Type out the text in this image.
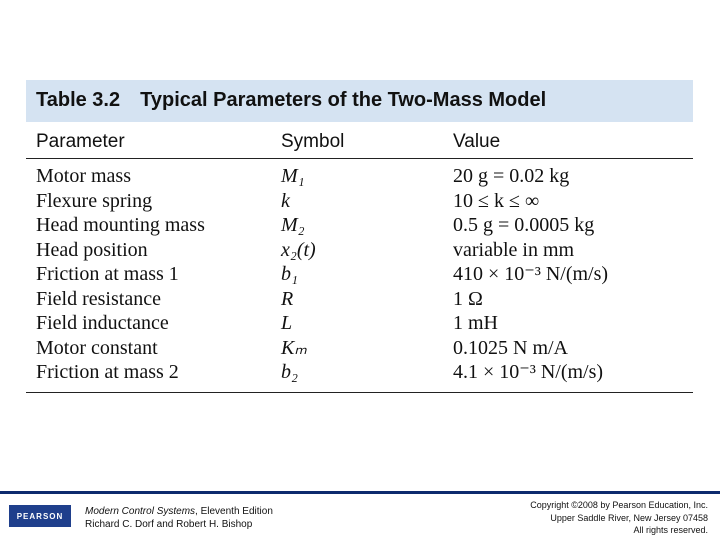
Table 3.2 Typical Parameters of the Two-Mass Model
Parameter	Symbol	Value
Motor mass	M₁	20 g = 0.02 kg
Flexure spring	k	10 ≤ k ≤ ∞
Head mounting mass	M₂	0.5 g = 0.0005 kg
Head position	x₂(t)	variable in mm
Friction at mass 1	b₁	410 × 10⁻³ N/(m/s)
Field resistance	R	1 Ω
Field inductance	L	1 mH
Motor constant	Kₘ	0.1025 N m/A
Friction at mass 2	b₂	4.1 × 10⁻³ N/(m/s)
PEARSON	Modern Control Systems, Eleventh Edition
Richard C. Dorf and Robert H. Bishop
Copyright ©2008 by Pearson Education, Inc.
Upper Saddle River, New Jersey 07458
All rights reserved.
